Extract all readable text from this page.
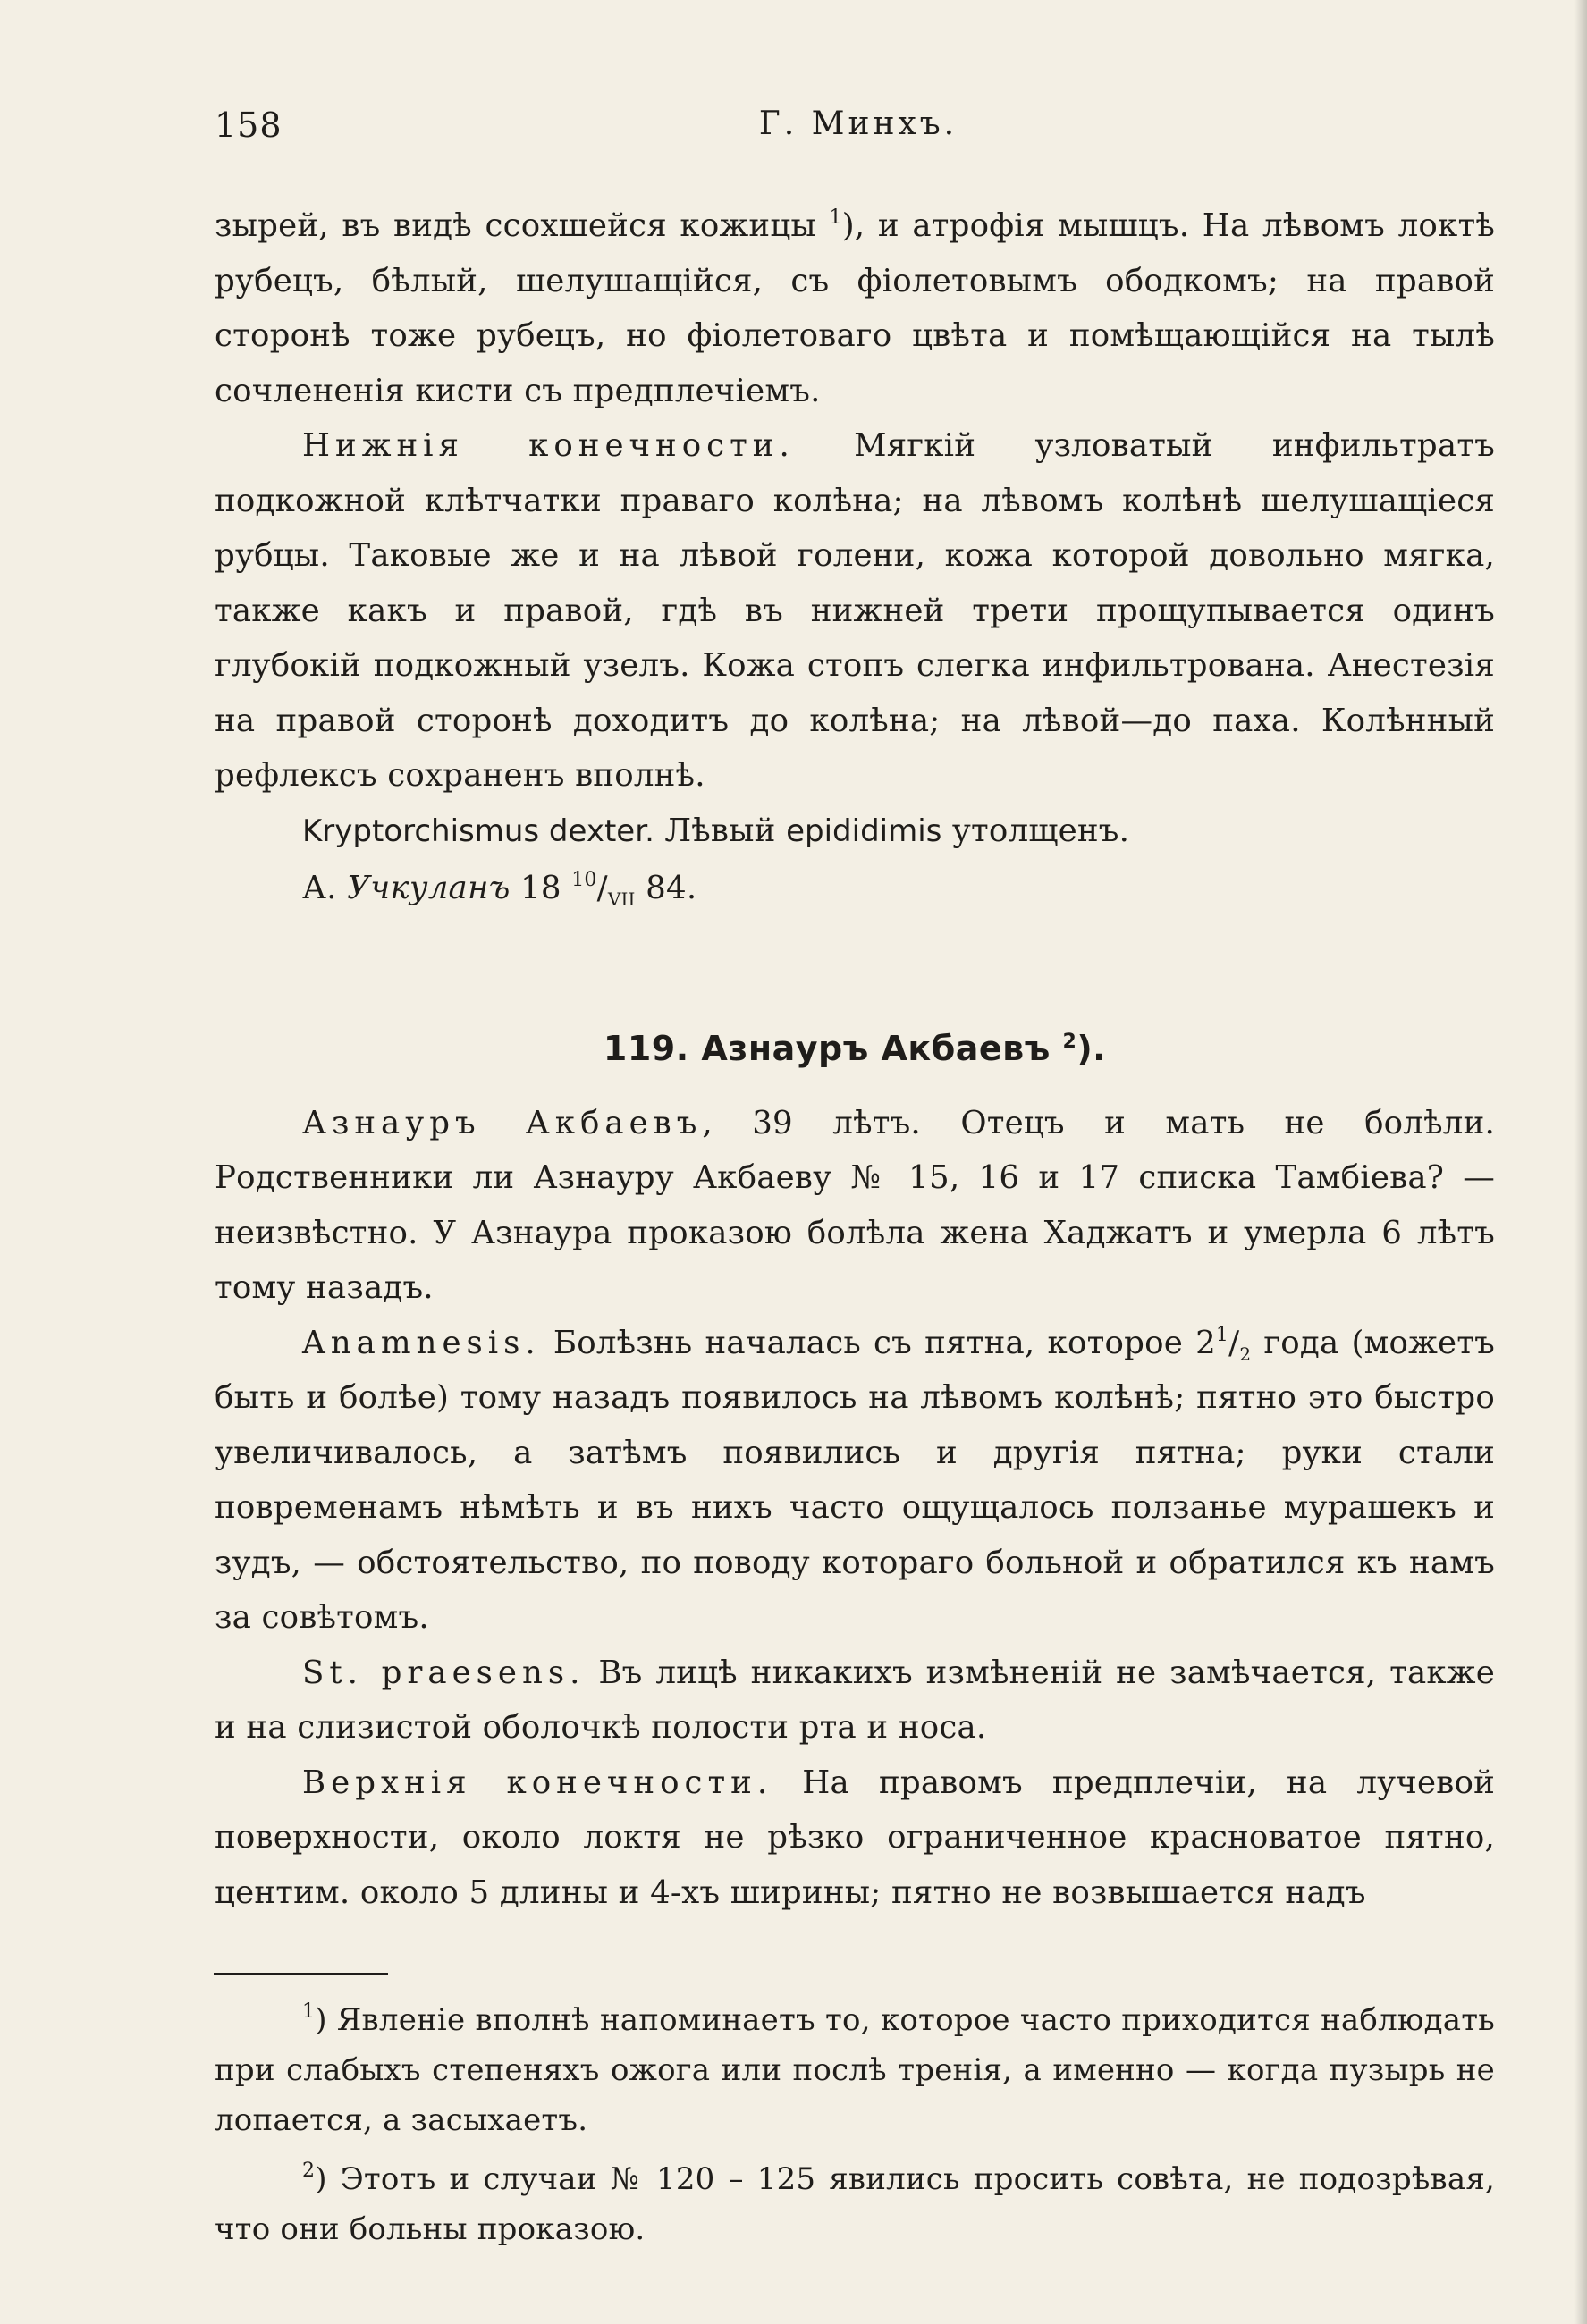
158	Г. Минхъ.

зырей, въ видѣ ссохшейся кожицы $^1$), и атрофія мышцъ. На лѣвомъ локтѣ рубецъ, бѣлый, шелушащійся, съ фіолетовымъ ободкомъ; на правой сторонѣ тоже рубецъ, но фіолетоваго цвѣта и помѣщающійся на тылѣ сочлененія кисти съ предплечіемъ.

Нижнія конечности. Мягкій узловатый инфильтратъ подкожной клѣтчатки праваго колѣна; на лѣвомъ колѣнѣ шелушащіеся рубцы. Таковые же и на лѣвой голени, кожа которой довольно мягка, также какъ и правой, гдѣ въ нижней трети прощупывается одинъ глубокій подкожный узелъ. Кожа стопъ слегка инфильтрована. Анестезія на правой сторонѣ доходитъ до колѣна; на лѣвой—до паха. Колѣнный рефлексъ сохраненъ вполнѣ.

Kryptorchismus dexter. Лѣвый epididimis утолщенъ.

А. Учкуланъ 18 $^{10}/_{VII}$ 84.

119. Азнауръ Акбаевъ $^2$).

Азнауръ Акбаевъ, 39 лѣтъ. Отецъ и мать не болѣли. Родственники ли Азнауру Акбаеву № 15, 16 и 17 списка Тамбіева? — неизвѣстно. У Азнаура проказою болѣла жена Хаджатъ и умерла 6 лѣтъ тому назадъ.

Anamnesis. Болѣзнь началась съ пятна, которое $2^1/_2$ года (можетъ быть и болѣе) тому назадъ появилось на лѣвомъ колѣнѣ; пятно это быстро увеличивалось, а затѣмъ появились и другія пятна; руки стали повременамъ нѣмѣть и въ нихъ часто ощущалось ползанье мурашекъ и зудъ, — обстоятельство, по поводу котораго больной и обратился къ намъ за совѣтомъ.

St. praesens. Въ лицѣ никакихъ измѣненій не замѣчается, также и на слизистой оболочкѣ полости рта и носа.

Верхнія конечности. На правомъ предплечіи, на лучевой поверхности, около локтя не рѣзко ограниченное красноватое пятно, центим. около 5 длины и 4-хъ ширины; пятно не возвышается надъ

$^1$) Явленіе вполнѣ напоминаетъ то, которое часто приходится наблюдать при слабыхъ степеняхъ ожога или послѣ тренія, а именно — когда пузырь не лопается, а засыхаетъ.

$^2$) Этотъ и случаи № 120 – 125 явились просить совѣта, не подозрѣвая, что они больны проказою.
